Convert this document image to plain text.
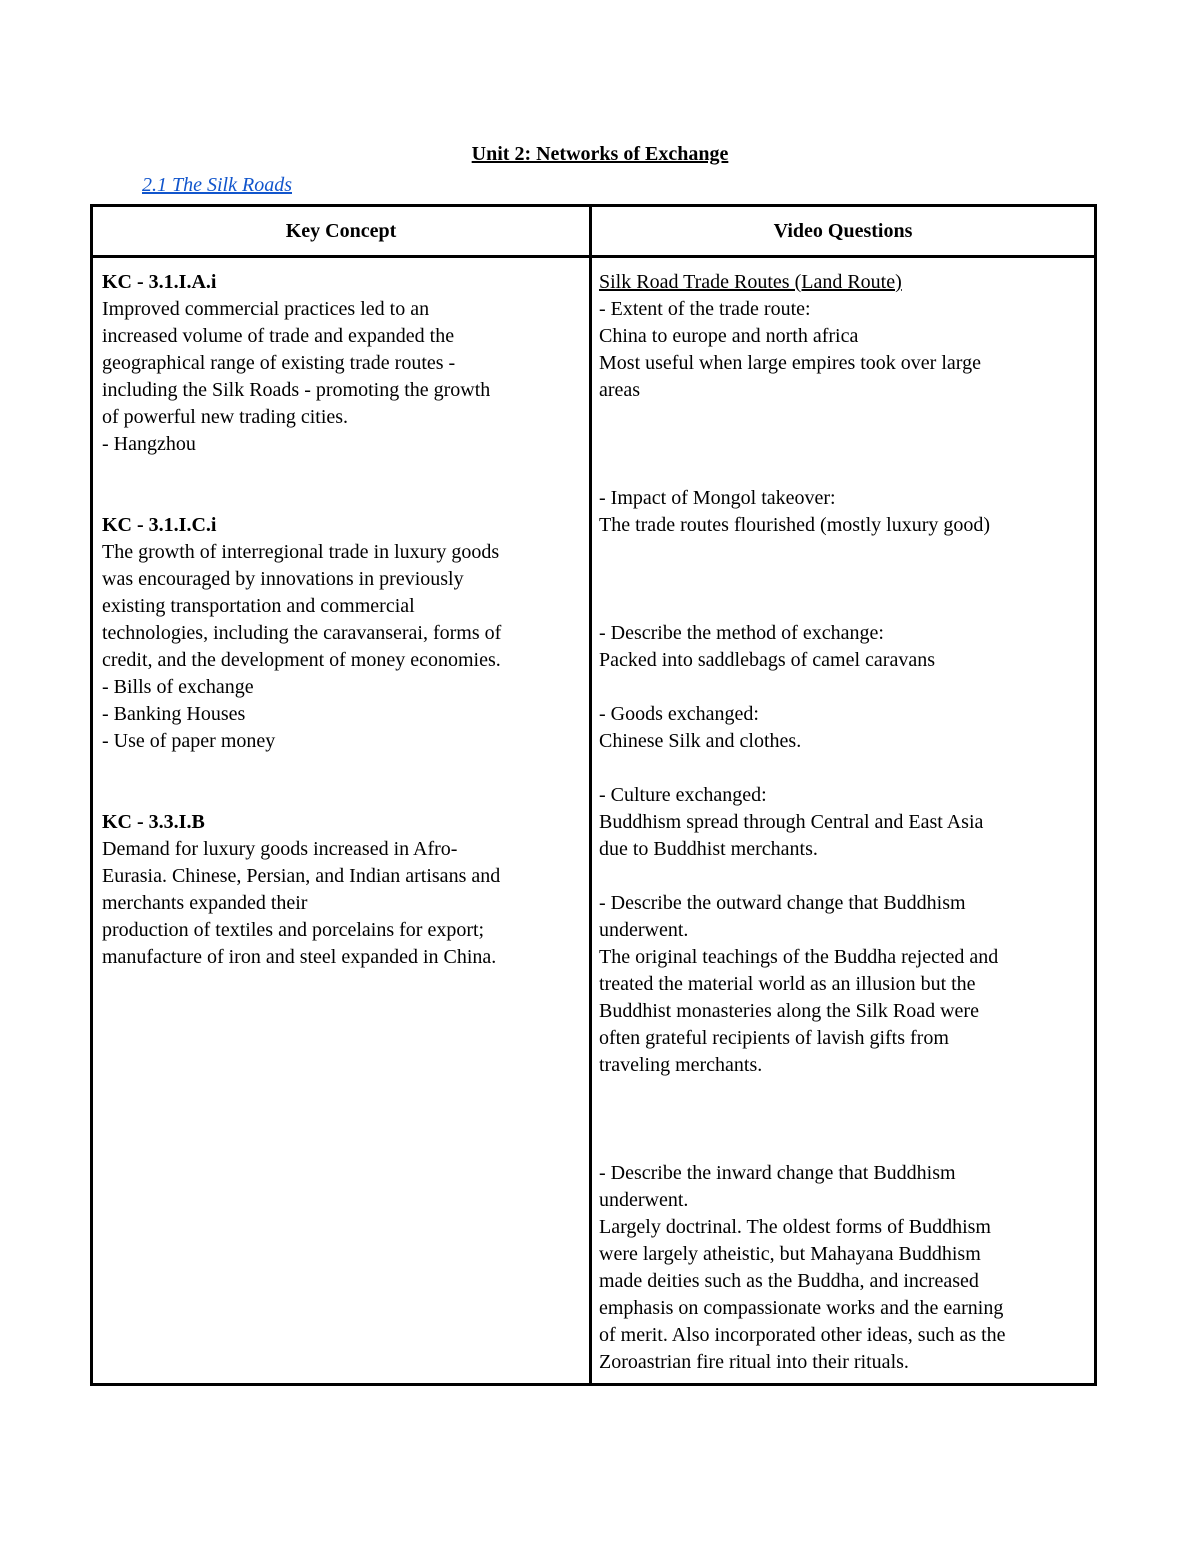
Unit 2: Networks of Exchange
2.1 The Silk Roads
Key Concept	Video Questions
KC - 3.1.I.A.i
Improved commercial practices led to an
increased volume of trade and expanded the
geographical range of existing trade routes -
including the Silk Roads - promoting the growth
of powerful new trading cities.
- Hangzhou
KC - 3.1.I.C.i
The growth of interregional trade in luxury goods
was encouraged by innovations in previously
existing transportation and commercial
technologies, including the caravanserai, forms of
credit, and the development of money economies.
- Bills of exchange
- Banking Houses
- Use of paper money
KC - 3.3.I.B
Demand for luxury goods increased in Afro-
Eurasia. Chinese, Persian, and Indian artisans and
merchants expanded their
production of textiles and porcelains for export;
manufacture of iron and steel expanded in China.
Silk Road Trade Routes (Land Route)
- Extent of the trade route:
China to europe and north africa
Most useful when large empires took over large
areas
- Impact of Mongol takeover:
The trade routes flourished (mostly luxury good)
- Describe the method of exchange:
Packed into saddlebags of camel caravans
- Goods exchanged:
Chinese Silk and clothes.
- Culture exchanged:
Buddhism spread through Central and East Asia
due to Buddhist merchants.
- Describe the outward change that Buddhism
underwent.
The original teachings of the Buddha rejected and
treated the material world as an illusion but the
Buddhist monasteries along the Silk Road were
often grateful recipients of lavish gifts from
traveling merchants.
- Describe the inward change that Buddhism
underwent.
Largely doctrinal. The oldest forms of Buddhism
were largely atheistic, but Mahayana Buddhism
made deities such as the Buddha, and increased
emphasis on compassionate works and the earning
of merit. Also incorporated other ideas, such as the
Zoroastrian fire ritual into their rituals.
